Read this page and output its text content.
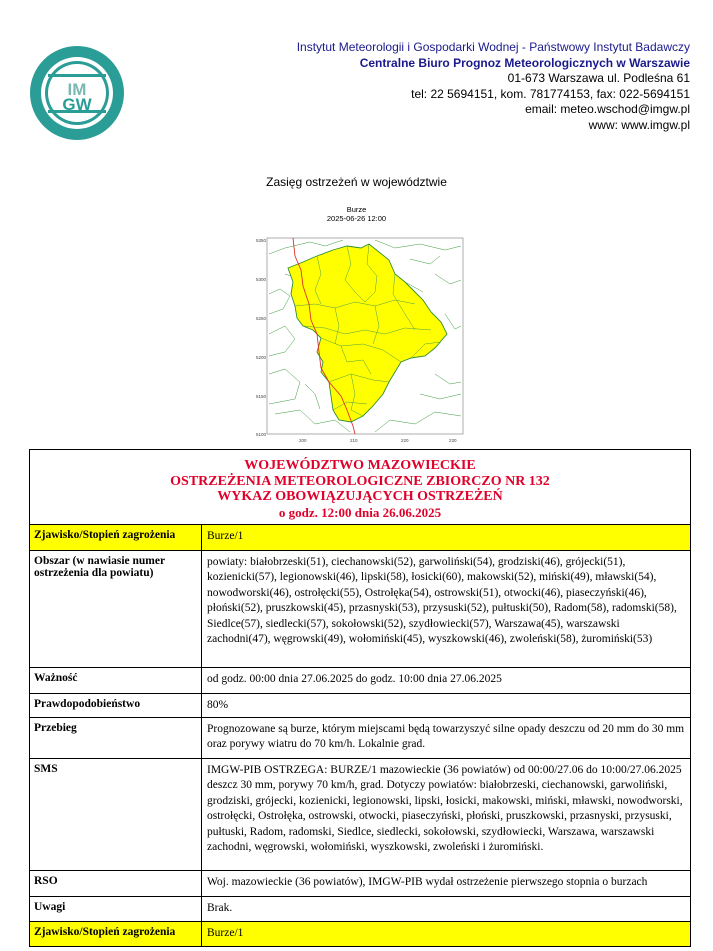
IM
GW
Instytut Meteorologii i Gospodarki Wodnej - Państwowy Instytut Badawczy
Centralne Biuro Prognoz Meteorologicznych w Warszawie
01-673 Warszawa ul. Podleśna 61
tel: 22 5694151, kom. 781774153, fax: 022-5694151
email: meteo.wschod@imgw.pl
www: www.imgw.pl
Zasięg ostrzeżeń w województwie
Burze
2025-06-26 12:00
5350
5300
5250
5200
5150
5100
200	210	220	230
WOJEWÓDZTWO MAZOWIECKIE
OSTRZEŻENIA METEOROLOGICZNE ZBIORCZO NR 132
WYKAZ OBOWIĄZUJĄCYCH OSTRZEŻEŃ
o godz. 12:00 dnia 26.06.2025
Zjawisko/Stopień zagrożenia	Burze/1
Obszar (w nawiasie numer ostrzeżenia dla powiatu)
powiaty: białobrzeski(51), ciechanowski(52), garwoliński(54), grodziski(46), grójecki(51), kozienicki(57), legionowski(46), lipski(58), łosicki(60), makowski(52), miński(49), mławski(54), nowodworski(46), ostrołęcki(55), Ostrołęka(54), ostrowski(51), otwocki(46), piaseczyński(46), płoński(52), pruszkowski(45), przasnyski(53), przysuski(52), pułtuski(50), Radom(58), radomski(58), Siedlce(57), siedlecki(57), sokołowski(52), szydłowiecki(57), Warszawa(45), warszawski zachodni(47), węgrowski(49), wołomiński(45), wyszkowski(46), zwoleński(58), żuromiński(53)
Ważność	od godz. 00:00 dnia 27.06.2025 do godz. 10:00 dnia 27.06.2025
Prawdopodobieństwo	80%
Przebieg	Prognozowane są burze, którym miejscami będą towarzyszyć silne opady deszczu od 20 mm do 30 mm oraz porywy wiatru do 70 km/h. Lokalnie grad.
SMS	IMGW-PIB OSTRZEGA: BURZE/1 mazowieckie (36 powiatów) od 00:00/27.06 do 10:00/27.06.2025 deszcz 30 mm, porywy 70 km/h, grad. Dotyczy powiatów: białobrzeski, ciechanowski, garwoliński, grodziski, grójecki, kozienicki, legionowski, lipski, łosicki, makowski, miński, mławski, nowodworski, ostrołęcki, Ostrołęka, ostrowski, otwocki, piaseczyński, płoński, pruszkowski, przasnyski, przysuski, pułtuski, Radom, radomski, Siedlce, siedlecki, sokołowski, szydłowiecki, Warszawa, warszawski zachodni, węgrowski, wołomiński, wyszkowski, zwoleński i żuromiński.
RSO	Woj. mazowieckie (36 powiatów), IMGW-PIB wydał ostrzeżenie pierwszego stopnia o burzach
Uwagi	Brak.
Zjawisko/Stopień zagrożenia	Burze/1
